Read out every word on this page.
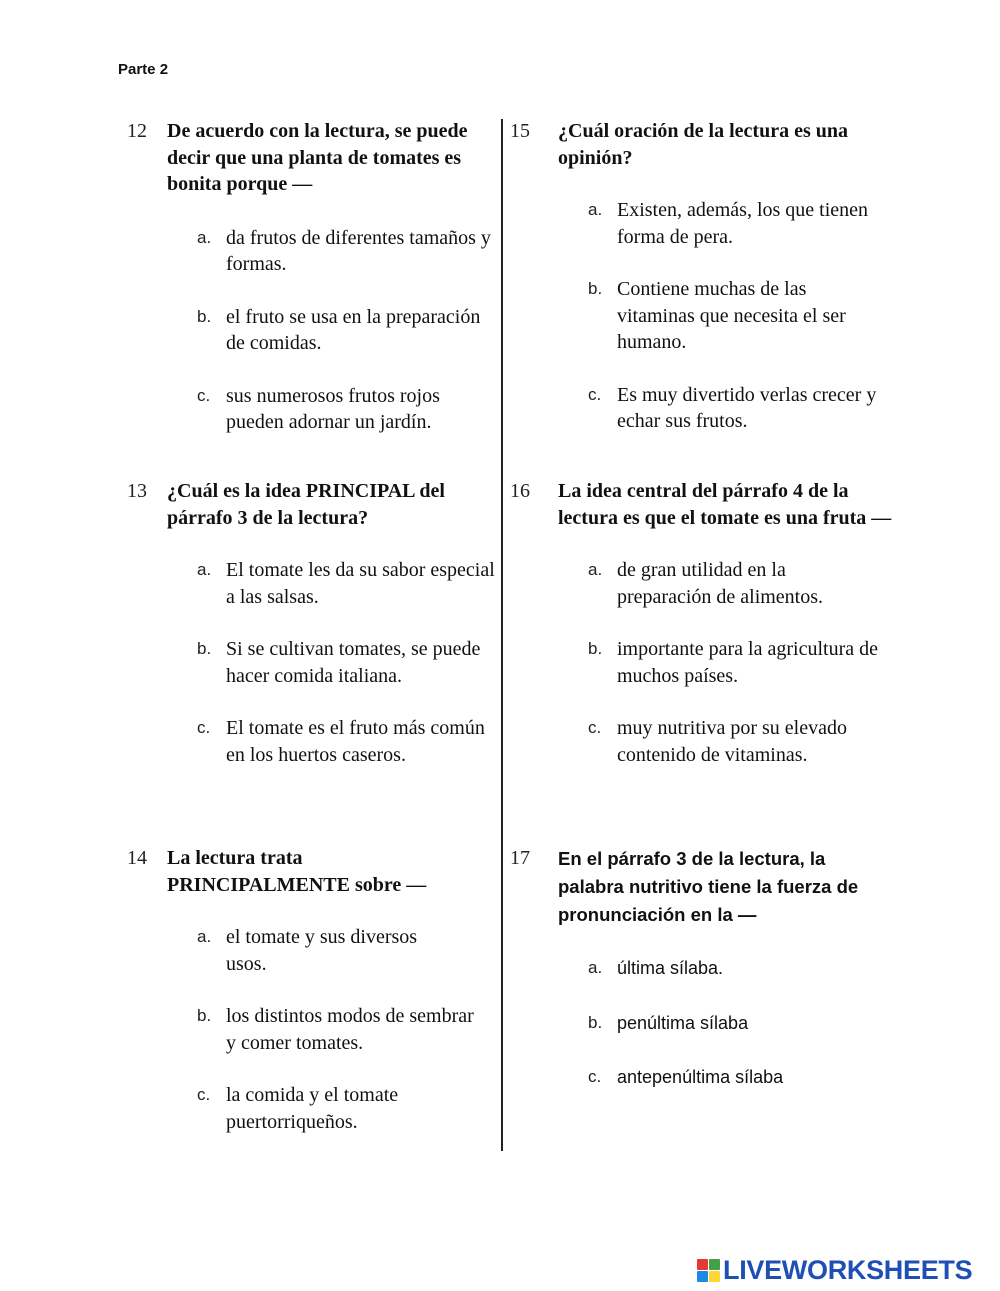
Parte 2
12 De acuerdo con la lectura, se puede decir que una planta de tomates es bonita porque —
a. da frutos de diferentes tamaños y formas.
b. el fruto se usa en la preparación de comidas.
c. sus numerosos frutos rojos pueden adornar un jardín.
13 ¿Cuál es la idea PRINCIPAL del párrafo 3 de la lectura?
a. El tomate les da su sabor especial a las salsas.
b. Si se cultivan tomates, se puede hacer comida italiana.
c. El tomate es el fruto más común en los huertos caseros.
14 La lectura trata PRINCIPALMENTE sobre —
a. el tomate y sus diversos usos.
b. los distintos modos de sembrar y comer tomates.
c. la comida y el tomate puertorriqueños.
15 ¿Cuál oración de la lectura es una opinión?
a. Existen, además, los que tienen forma de pera.
b. Contiene muchas de las vitaminas que necesita el ser humano.
c. Es muy divertido verlas crecer y echar sus frutos.
16 La idea central del párrafo 4 de la lectura es que el tomate es una fruta —
a. de gran utilidad en la preparación de alimentos.
b. importante para la agricultura de muchos países.
c. muy nutritiva por su elevado contenido de vitaminas.
17 En el párrafo 3 de la lectura, la palabra nutritivo tiene la fuerza de pronunciación en la —
a. última sílaba.
b. penúltima sílaba
c. antepenúltima sílaba
LIVEWORKSHEETS
